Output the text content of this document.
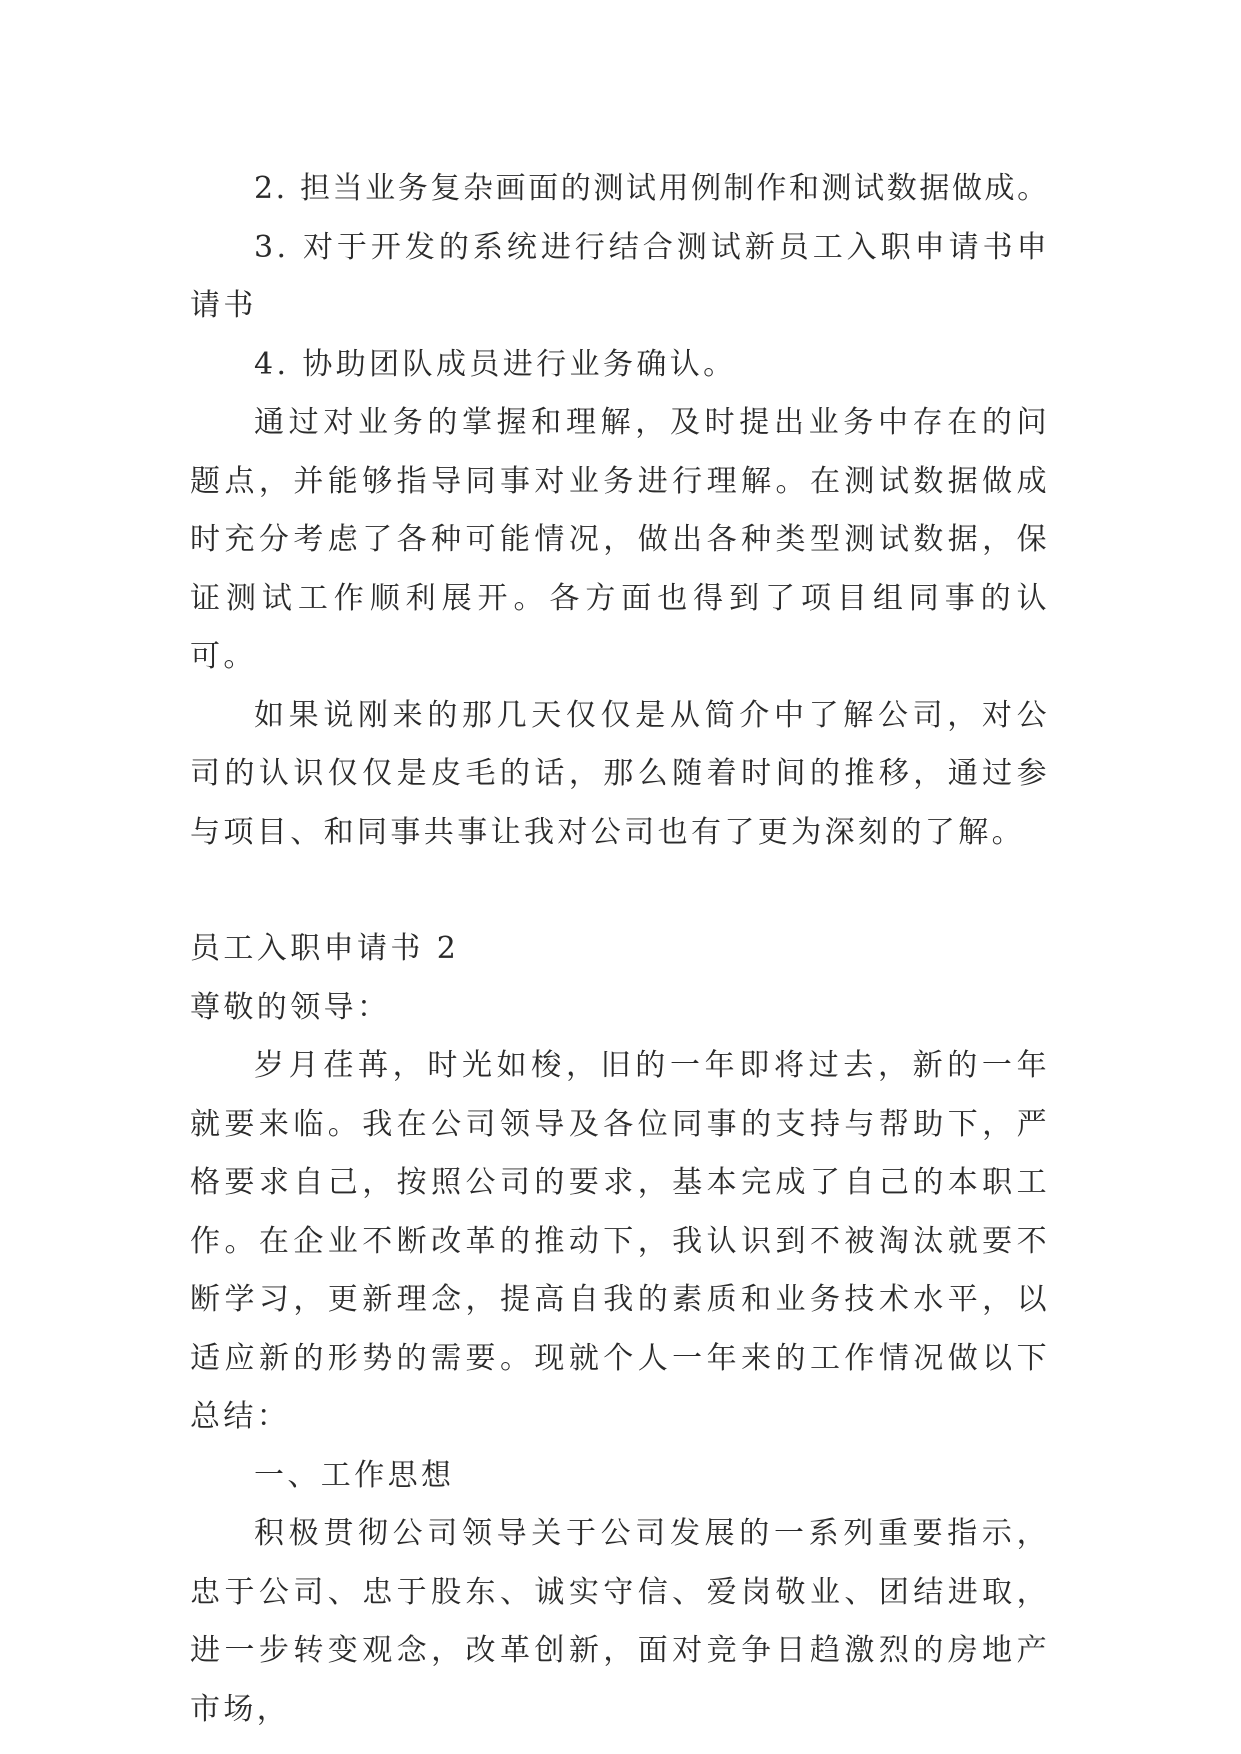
2. 担当业务复杂画面的测试用例制作和测试数据做成。

3. 对于开发的系统进行结合测试新员工入职申请书申请书

4. 协助团队成员进行业务确认。

通过对业务的掌握和理解，及时提出业务中存在的问题点，并能够指导同事对业务进行理解。在测试数据做成时充分考虑了各种可能情况，做出各种类型测试数据，保证测试工作顺利展开。各方面也得到了项目组同事的认可。

如果说刚来的那几天仅仅是从简介中了解公司，对公司的认识仅仅是皮毛的话，那么随着时间的推移，通过参与项目、和同事共事让我对公司也有了更为深刻的了解。

员工入职申请书 2

尊敬的领导：

岁月荏苒，时光如梭，旧的一年即将过去，新的一年就要来临。我在公司领导及各位同事的支持与帮助下，严格要求自己，按照公司的要求，基本完成了自己的本职工作。在企业不断改革的推动下，我认识到不被淘汰就要不断学习，更新理念，提高自我的素质和业务技术水平，以适应新的形势的需要。现就个人一年来的工作情况做以下总结：

一、工作思想

积极贯彻公司领导关于公司发展的一系列重要指示，忠于公司、忠于股东、诚实守信、爱岗敬业、团结进取，进一步转变观念，改革创新，面对竞争日趋激烈的房地产市场，
